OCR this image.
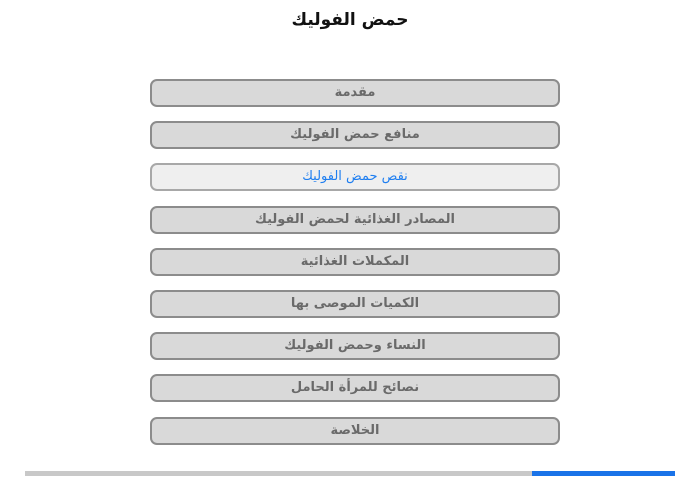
حمض الفوليك
مقدمة
منافع حمض الفوليك
نقص حمض الفوليك
المصادر الغذائية لحمض الفوليك
المكملات الغذائية
الكميات الموصى بها
النساء وحمض الفوليك
نصائح للمرأة الحامل
الخلاصة
